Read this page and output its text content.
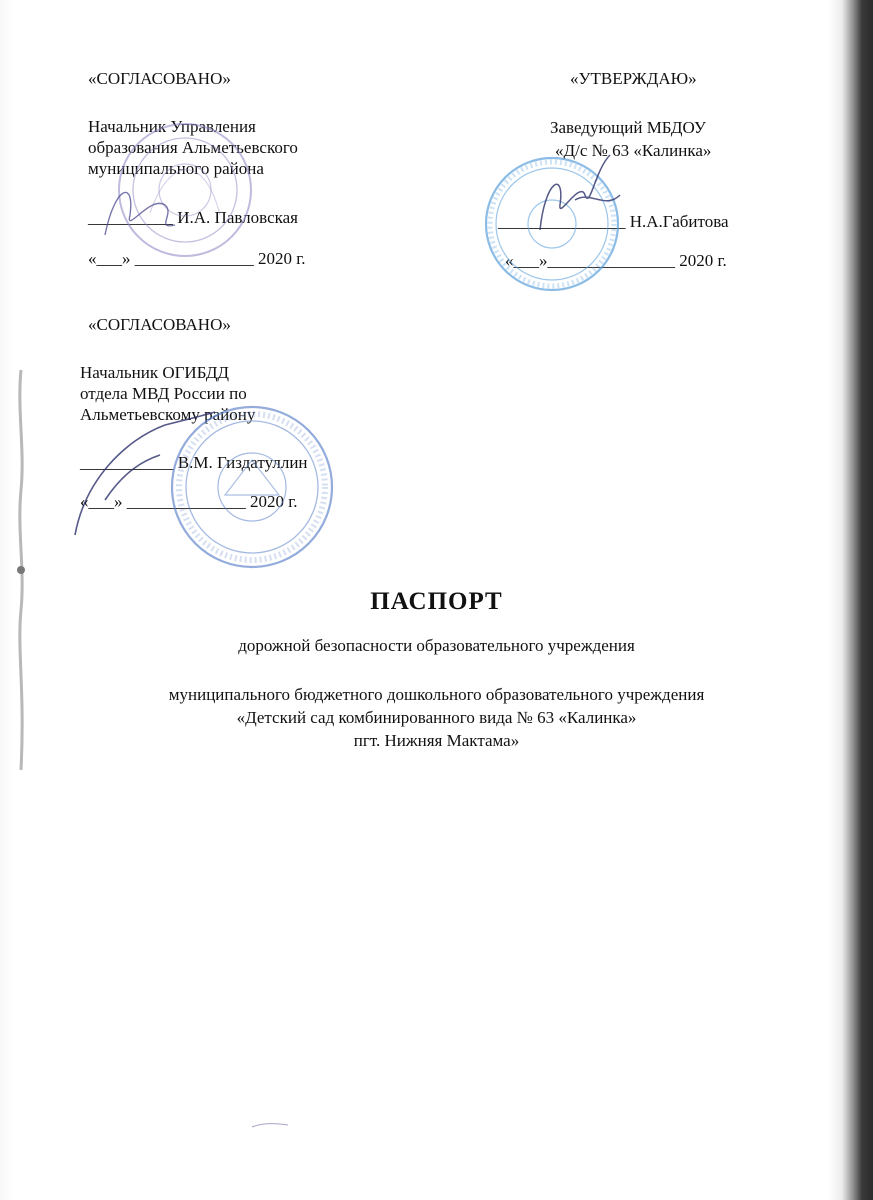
«СОГЛАСОВАНО»
Начальник Управления
образования Альметьевского
муниципального района
__________ И.А. Павловская
«___» ______________ 2020 г.
«УТВЕРЖДАЮ»
Заведующий МБДОУ
«Д/с № 63 «Калинка»
_______________ Н.А.Габитова
«___»_______________ 2020 г.
«СОГЛАСОВАНО»
Начальник ОГИБДД
отдела МВД России по
Альметьевскому району
___________ В.М. Гиздатуллин
«___» ______________ 2020 г.
ПАСПОРТ
дорожной безопасности образовательного учреждения
муниципального бюджетного дошкольного образовательного учреждения
«Детский сад комбинированного вида № 63 «Калинка»
пгт. Нижняя Мактама»
